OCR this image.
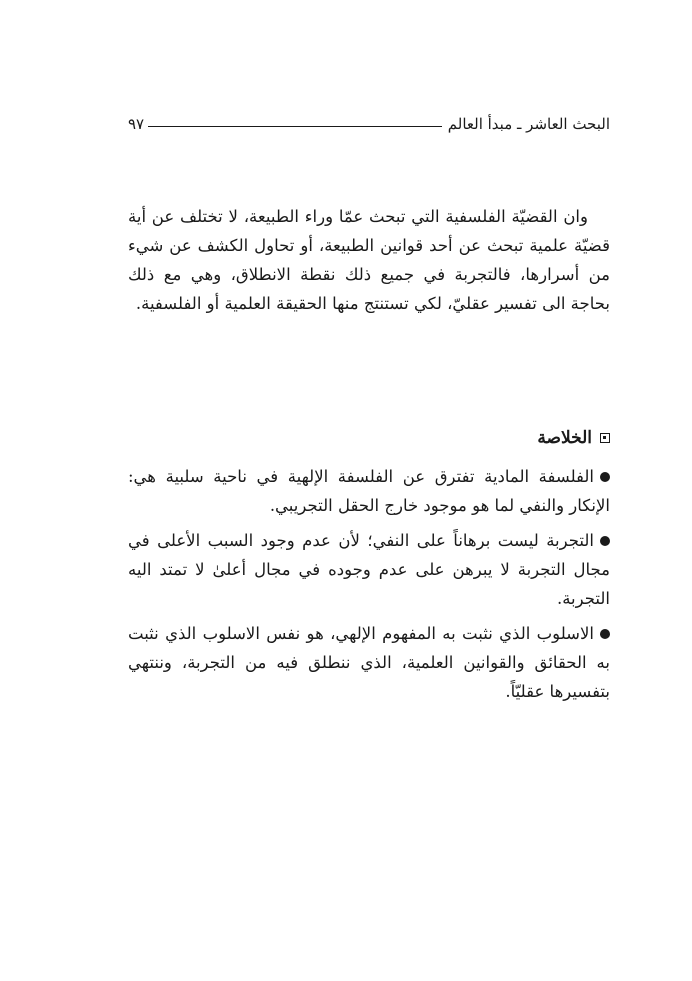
البحث العاشر ـ مبدأ العالم
٩٧

وان القضيّة الفلسفية التي تبحث عمّا وراء الطبيعة، لا تختلف عن أية قضيّة علمية تبحث عن أحد قوانين الطبيعة، أو تحاول الكشف عن شيء من أسرارها، فالتجربة في جميع ذلك نقطة الانطلاق، وهي مع ذلك بحاجة الى تفسير عقليّ، لكي تستنتج منها الحقيقة العلمية أو الفلسفية.

الخلاصة

الفلسفة المادية تفترق عن الفلسفة الإلهية في ناحية سلبية هي: الإنكار والنفي لما هو موجود خارج الحقل التجريبي.

التجربة ليست برهاناً على النفي؛ لأن عدم وجود السبب الأعلى في مجال التجربة لا يبرهن على عدم وجوده في مجال أعلىٰ لا تمتد اليه التجربة.

الاسلوب الذي نثبت به المفهوم الإلهي، هو نفس الاسلوب الذي نثبت به الحقائق والقوانين العلمية، الذي ننطلق فيه من التجربة، وننتهي بتفسيرها عقليّاً.
